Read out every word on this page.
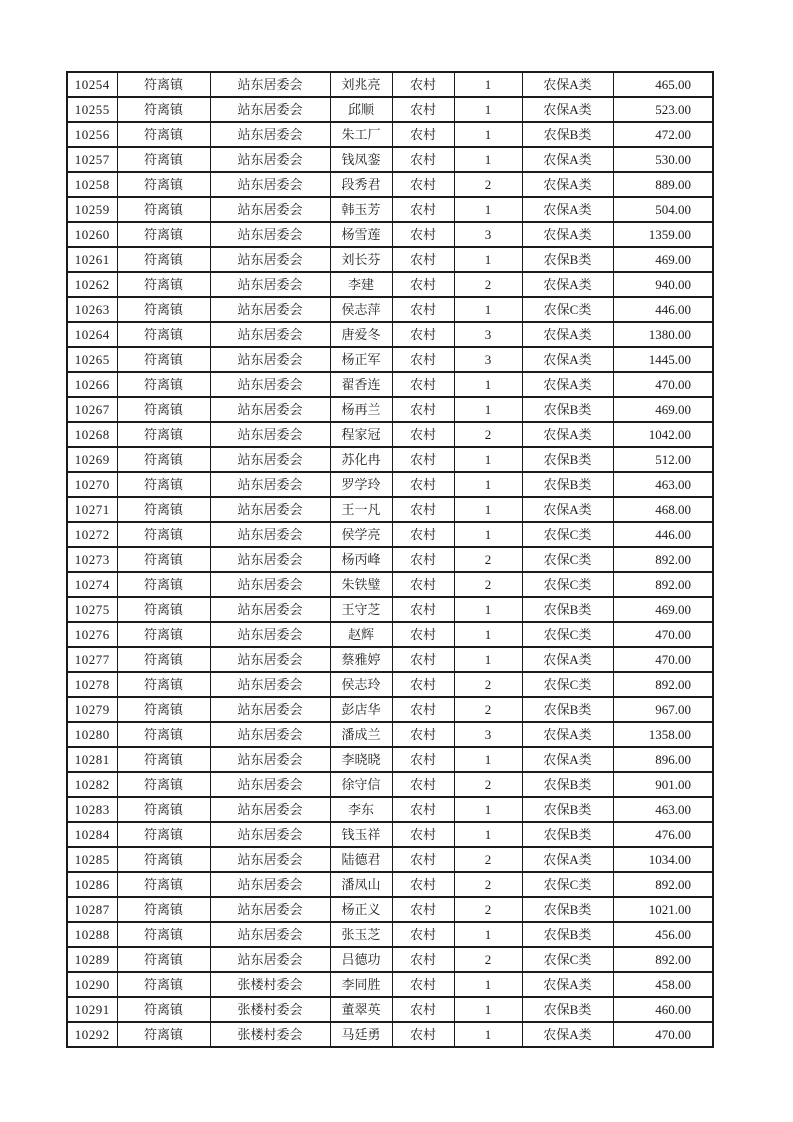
10254	符离镇	站东居委会	刘兆亮	农村	1	农保A类	465.00
10255	符离镇	站东居委会	邱顺	农村	1	农保A类	523.00
10256	符离镇	站东居委会	朱工厂	农村	1	农保B类	472.00
10257	符离镇	站东居委会	钱凤銮	农村	1	农保A类	530.00
10258	符离镇	站东居委会	段秀君	农村	2	农保A类	889.00
10259	符离镇	站东居委会	韩玉芳	农村	1	农保A类	504.00
10260	符离镇	站东居委会	杨雪莲	农村	3	农保A类	1359.00
10261	符离镇	站东居委会	刘长芬	农村	1	农保B类	469.00
10262	符离镇	站东居委会	李建	农村	2	农保A类	940.00
10263	符离镇	站东居委会	侯志萍	农村	1	农保C类	446.00
10264	符离镇	站东居委会	唐爱冬	农村	3	农保A类	1380.00
10265	符离镇	站东居委会	杨正军	农村	3	农保A类	1445.00
10266	符离镇	站东居委会	翟香连	农村	1	农保A类	470.00
10267	符离镇	站东居委会	杨再兰	农村	1	农保B类	469.00
10268	符离镇	站东居委会	程家冠	农村	2	农保A类	1042.00
10269	符离镇	站东居委会	苏化冉	农村	1	农保B类	512.00
10270	符离镇	站东居委会	罗学玲	农村	1	农保B类	463.00
10271	符离镇	站东居委会	王一凡	农村	1	农保A类	468.00
10272	符离镇	站东居委会	侯学亮	农村	1	农保C类	446.00
10273	符离镇	站东居委会	杨丙峰	农村	2	农保C类	892.00
10274	符离镇	站东居委会	朱铁璧	农村	2	农保C类	892.00
10275	符离镇	站东居委会	王守芝	农村	1	农保B类	469.00
10276	符离镇	站东居委会	赵辉	农村	1	农保C类	470.00
10277	符离镇	站东居委会	蔡雅婷	农村	1	农保A类	470.00
10278	符离镇	站东居委会	侯志玲	农村	2	农保C类	892.00
10279	符离镇	站东居委会	彭店华	农村	2	农保B类	967.00
10280	符离镇	站东居委会	潘成兰	农村	3	农保A类	1358.00
10281	符离镇	站东居委会	李晓晓	农村	1	农保A类	896.00
10282	符离镇	站东居委会	徐守信	农村	2	农保B类	901.00
10283	符离镇	站东居委会	李东	农村	1	农保B类	463.00
10284	符离镇	站东居委会	钱玉祥	农村	1	农保B类	476.00
10285	符离镇	站东居委会	陆德君	农村	2	农保A类	1034.00
10286	符离镇	站东居委会	潘凤山	农村	2	农保C类	892.00
10287	符离镇	站东居委会	杨正义	农村	2	农保B类	1021.00
10288	符离镇	站东居委会	张玉芝	农村	1	农保B类	456.00
10289	符离镇	站东居委会	吕德功	农村	2	农保C类	892.00
10290	符离镇	张楼村委会	李同胜	农村	1	农保A类	458.00
10291	符离镇	张楼村委会	董翠英	农村	1	农保B类	460.00
10292	符离镇	张楼村委会	马廷勇	农村	1	农保A类	470.00
